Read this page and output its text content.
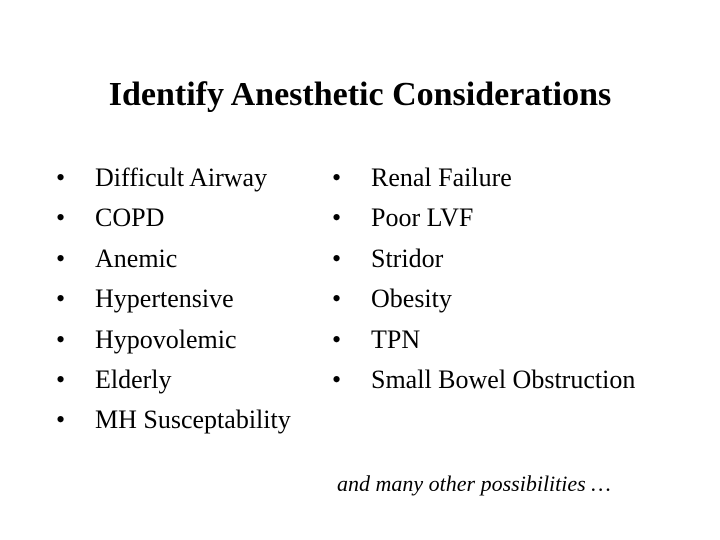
Identify Anesthetic Considerations
• Difficult Airway
• COPD
• Anemic
• Hypertensive
• Hypovolemic
• Elderly
• MH Susceptability
• Renal Failure
• Poor LVF
• Stridor
• Obesity
• TPN
• Small Bowel Obstruction
and many other possibilities …
